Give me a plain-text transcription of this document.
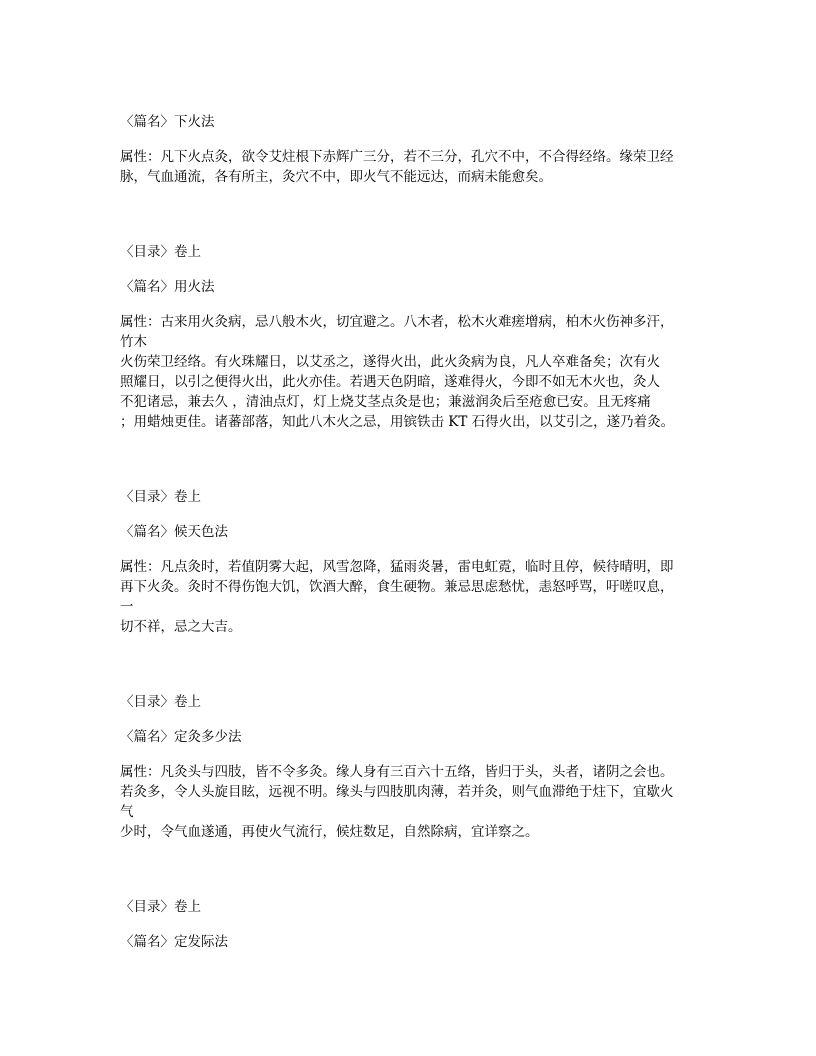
〈篇名〉下火法
属性：凡下火点灸，欲令艾炷根下赤辉广三分，若不三分，孔穴不中，不合得经络。缘荣卫经
脉，气血通流，各有所主，灸穴不中，即火气不能远达，而病未能愈矣。
〈目录〉卷上
〈篇名〉用火法
属性：古来用火灸病，忌八般木火，切宜避之。八木者，松木火难瘥增病，柏木火伤神多汗，
竹木
火伤荣卫经络。有火珠耀日，以艾丞之，遂得火出，此火灸病为良，凡人卒难备矣；次有火
照耀日，以引之便得火出，此火亦佳。若遇天色阴暗，遂难得火，今即不如无木火也，灸人
不犯诸忌，兼去久 ，清油点灯，灯上烧艾茎点灸是也；兼滋润灸后至疮愈已安。且无疼痛
；用蜡烛更佳。诸蕃部落，知此八木火之忌，用镔铁击 KT 石得火出，以艾引之，遂乃着灸。
〈目录〉卷上
〈篇名〉候天色法
属性：凡点灸时，若值阴雾大起，风雪忽降，猛雨炎暑，雷电虹霓，临时且停，候待晴明，即
再下火灸。灸时不得伤饱大饥，饮酒大醉，食生硬物。兼忌思虑愁忧，恚怒呼骂，吁嗟叹息，
一
切不祥，忌之大吉。
〈目录〉卷上
〈篇名〉定灸多少法
属性：凡灸头与四肢，皆不令多灸。缘人身有三百六十五络，皆归于头，头者，诸阴之会也。
若灸多，令人头旋目眩，远视不明。缘头与四肢肌肉薄，若并灸，则气血滞绝于炷下，宜歇火
气
少时，令气血遂通，再使火气流行，候炷数足，自然除病，宜详察之。
〈目录〉卷上
〈篇名〉定发际法
